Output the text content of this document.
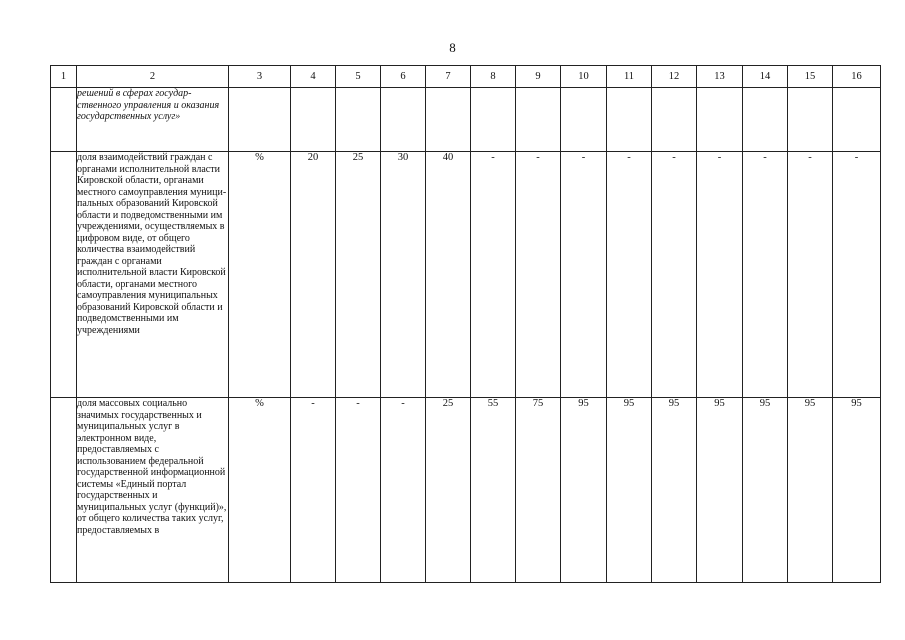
8
1	2	3	4	5	6	7	8	9	10	11	12	13	14	15	16
	решений в сферах государ-ственного управления и оказания государственных услуг»														
	доля взаимодействий граждан с органами исполнительной власти Кировской области, органами местного самоуправления муници-пальных образований Кировской области и подведомственными им учреждениями, осуществляемых в цифровом виде, от общего количества взаимодействий граждан с органами исполнительной власти Кировской области, органами местного самоуправления муниципальных образований Кировской области и подведомственными им учреждениями	%	20	25	30	40	-	-	-	-	-	-	-	-	-
	доля массовых социально значимых государственных и муниципальных услуг в электронном виде, предоставляемых с использованием федеральной государственной информационной системы «Единый портал государственных и муниципальных услуг (функций)», от общего количества таких услуг, предоставляемых в	%	-	-	-	25	55	75	95	95	95	95	95	95	95
